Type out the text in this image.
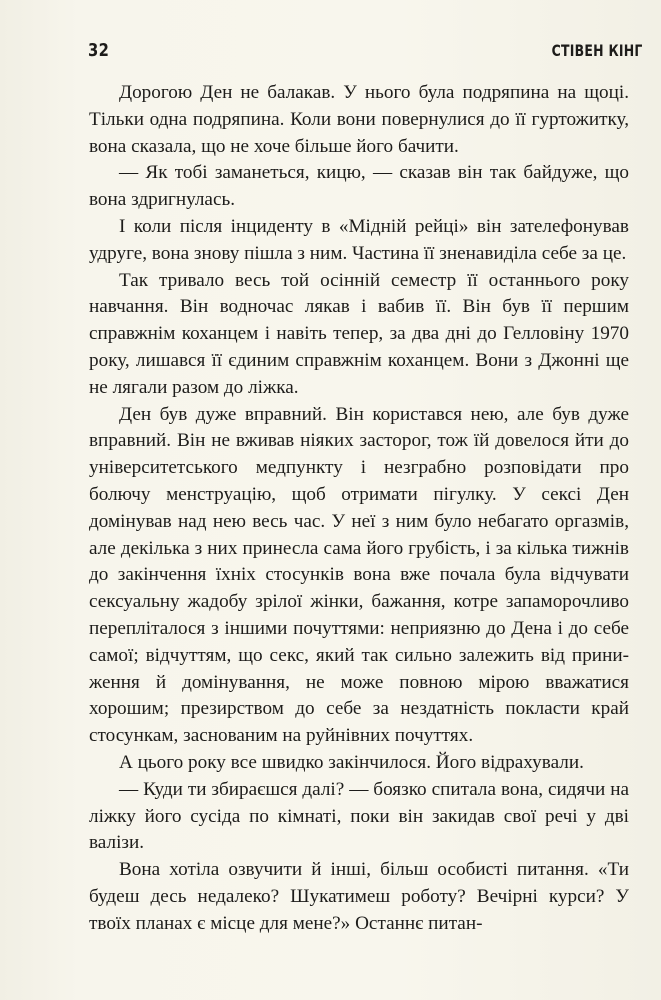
32	СТІВЕН КІНГ

Дорогою Ден не балакав. У нього була подряпина на щоці. Тільки одна подряпина. Коли вони повернулися до її гуртожитку, вона сказала, що не хоче більше його бачити.

— Як тобі заманеться, кицю, — сказав він так байдуже, що вона здригнулась.

І коли після інциденту в «Мідній рейці» він зателефонував удруге, вона знову пішла з ним. Частина її зненавиділа себе за це.

Так тривало весь той осінній семестр її останнього року навчання. Він водночас лякав і вабив її. Він був її першим справжнім коханцем і навіть тепер, за два дні до Гелловіну 1970 року, лишався її єдиним справжнім коханцем. Вони з Джонні ще не лягали разом до ліжка.

Ден був дуже вправний. Він користався нею, але був дуже вправний. Він не вживав ніяких засторог, тож їй довелося йти до університетського медпункту і незграбно розповідати про болючу менструацію, щоб отримати пігулку. У сексі Ден домінував над нею весь час. У неї з ним було небагато оргазмів, але декілька з них принесла сама його грубість, і за кілька тижнів до закінчення їхніх стосунків вона вже почала була відчувати сексуальну жадобу зрілої жінки, бажання, котре запаморочливо перепліталося з іншими почуттями: неприязню до Дена і до себе самої; відчуттям, що секс, який так сильно залежить від приниження й домінування, не може повною мірою вважатися хорошим; презирством до себе за нездатність покласти край стосункам, заснованим на руйнівних почуттях.

А цього року все швидко закінчилося. Його відрахували.

— Куди ти збираєшся далі? — боязко спитала вона, сидячи на ліжку його сусіда по кімнаті, поки він закидав свої речі у дві валізи.

Вона хотіла озвучити й інші, більш особисті питання. «Ти будеш десь недалеко? Шукатимеш роботу? Вечірні курси? У твоїх планах є місце для мене?» Останнє питан-
